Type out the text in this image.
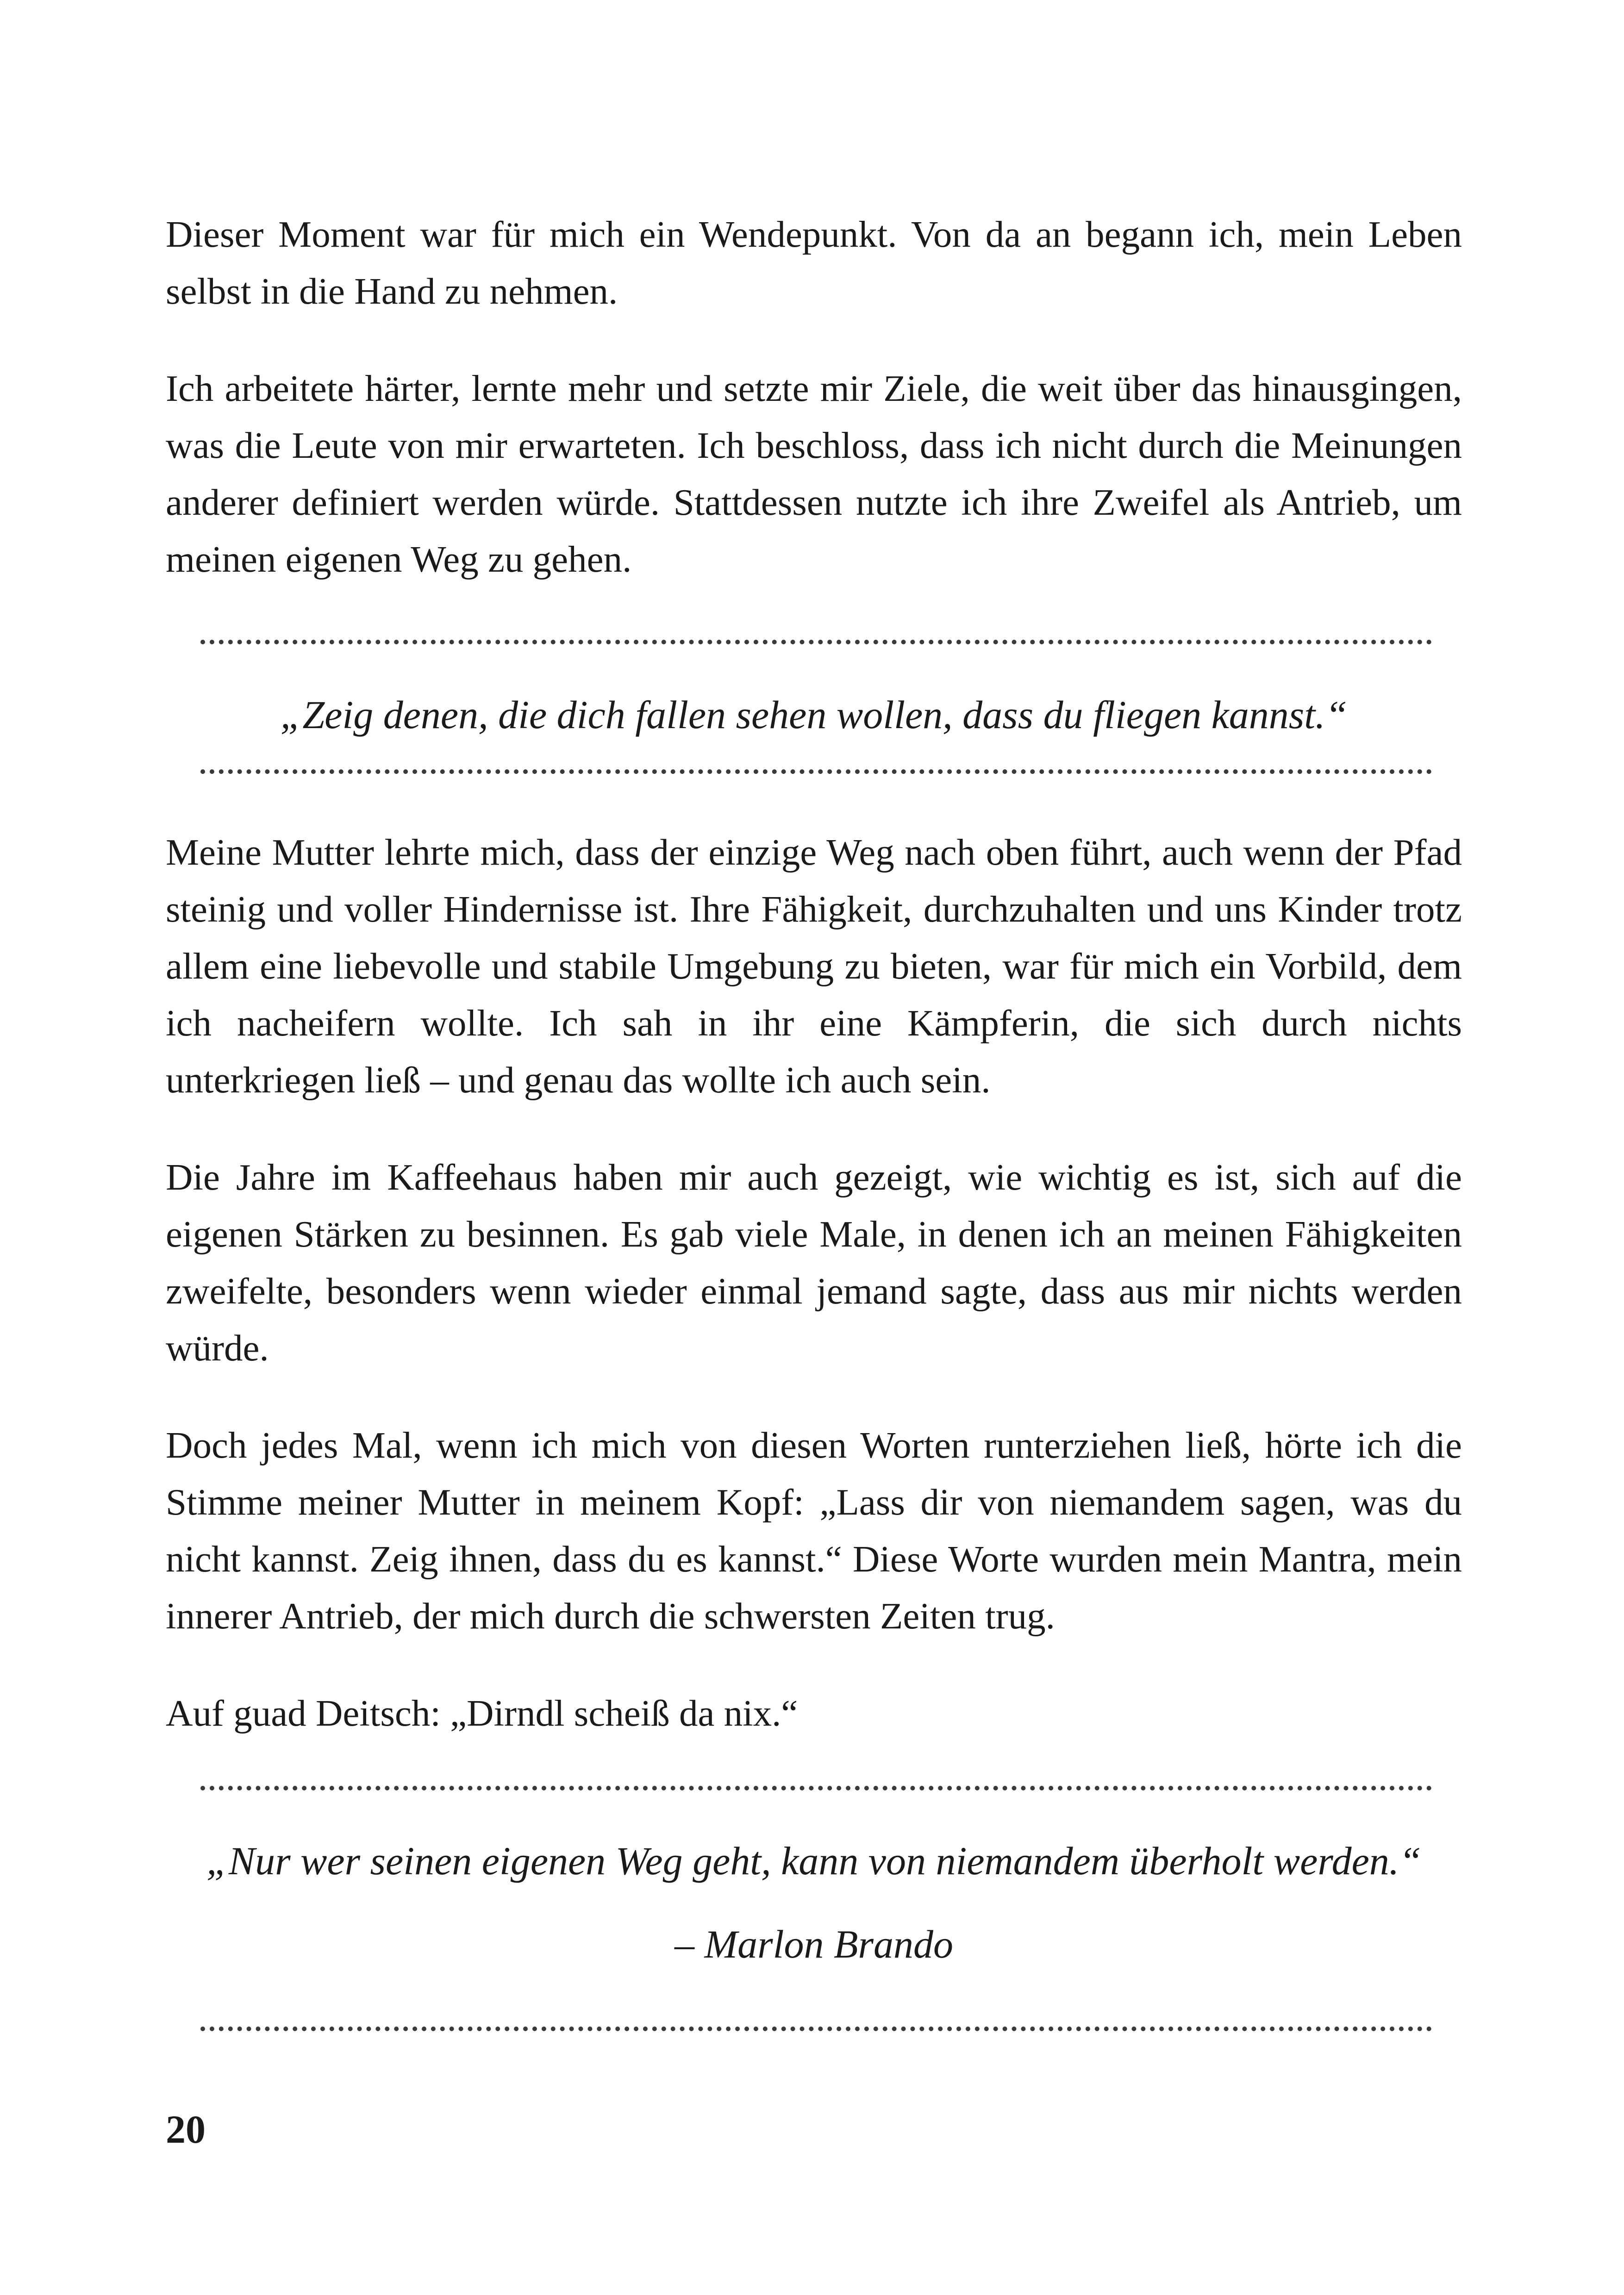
Dieser Moment war für mich ein Wendepunkt. Von da an begann ich, mein Leben selbst in die Hand zu nehmen.

Ich arbeitete härter, lernte mehr und setzte mir Ziele, die weit über das hinausgingen, was die Leute von mir erwarteten. Ich beschloss, dass ich nicht durch die Meinungen anderer definiert werden würde. Stattdessen nutzte ich ihre Zweifel als Antrieb, um meinen eigenen Weg zu gehen.

„Zeig denen, die dich fallen sehen wollen, dass du fliegen kannst.“

Meine Mutter lehrte mich, dass der einzige Weg nach oben führt, auch wenn der Pfad steinig und voller Hindernisse ist. Ihre Fähigkeit, durchzuhalten und uns Kinder trotz allem eine liebevolle und stabile Umgebung zu bieten, war für mich ein Vorbild, dem ich nacheifern wollte. Ich sah in ihr eine Kämpferin, die sich durch nichts unterkriegen ließ – und genau das wollte ich auch sein.

Die Jahre im Kaffeehaus haben mir auch gezeigt, wie wichtig es ist, sich auf die eigenen Stärken zu besinnen. Es gab viele Male, in denen ich an meinen Fähigkeiten zweifelte, besonders wenn wieder einmal jemand sagte, dass aus mir nichts werden würde.

Doch jedes Mal, wenn ich mich von diesen Worten runterziehen ließ, hörte ich die Stimme meiner Mutter in meinem Kopf: „Lass dir von niemandem sagen, was du nicht kannst. Zeig ihnen, dass du es kannst.“ Diese Worte wurden mein Mantra, mein innerer Antrieb, der mich durch die schwersten Zeiten trug.

Auf guad Deitsch: „Dirndl scheiß da nix.“

„Nur wer seinen eigenen Weg geht, kann von niemandem überholt werden.“

– Marlon Brando

20
